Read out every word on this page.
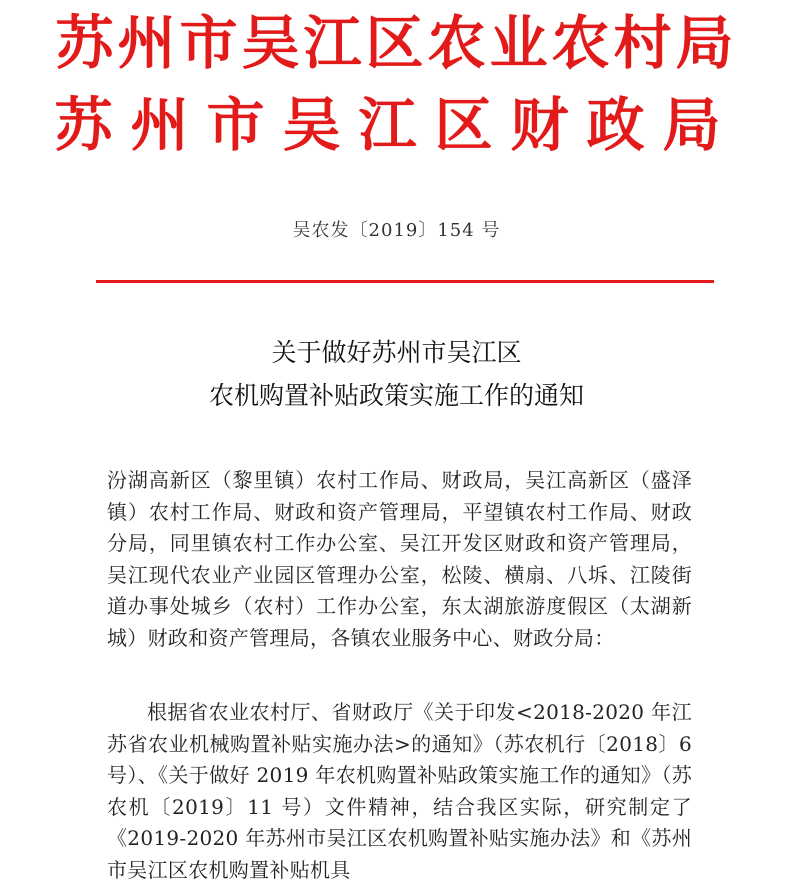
苏州市吴江区农业农村局
苏州市吴江区财政局
吴农发〔2019〕154 号
关于做好苏州市吴江区
农机购置补贴政策实施工作的通知
汾湖高新区（黎里镇）农村工作局、财政局，吴江高新区（盛泽镇）农村工作局、财政和资产管理局，平望镇农村工作局、财政分局，同里镇农村工作办公室、吴江开发区财政和资产管理局，吴江现代农业产业园区管理办公室，松陵、横扇、八坼、江陵街道办事处城乡（农村）工作办公室，东太湖旅游度假区（太湖新城）财政和资产管理局，各镇农业服务中心、财政分局：
根据省农业农村厅、省财政厅《关于印发<2018-2020 年江苏省农业机械购置补贴实施办法>的通知》（苏农机行〔2018〕6 号）、《关于做好 2019 年农机购置补贴政策实施工作的通知》（苏农机〔2019〕11 号）文件精神，结合我区实际，研究制定了《2019-2020 年苏州市吴江区农机购置补贴实施办法》和《苏州市吴江区农机购置补贴机具
